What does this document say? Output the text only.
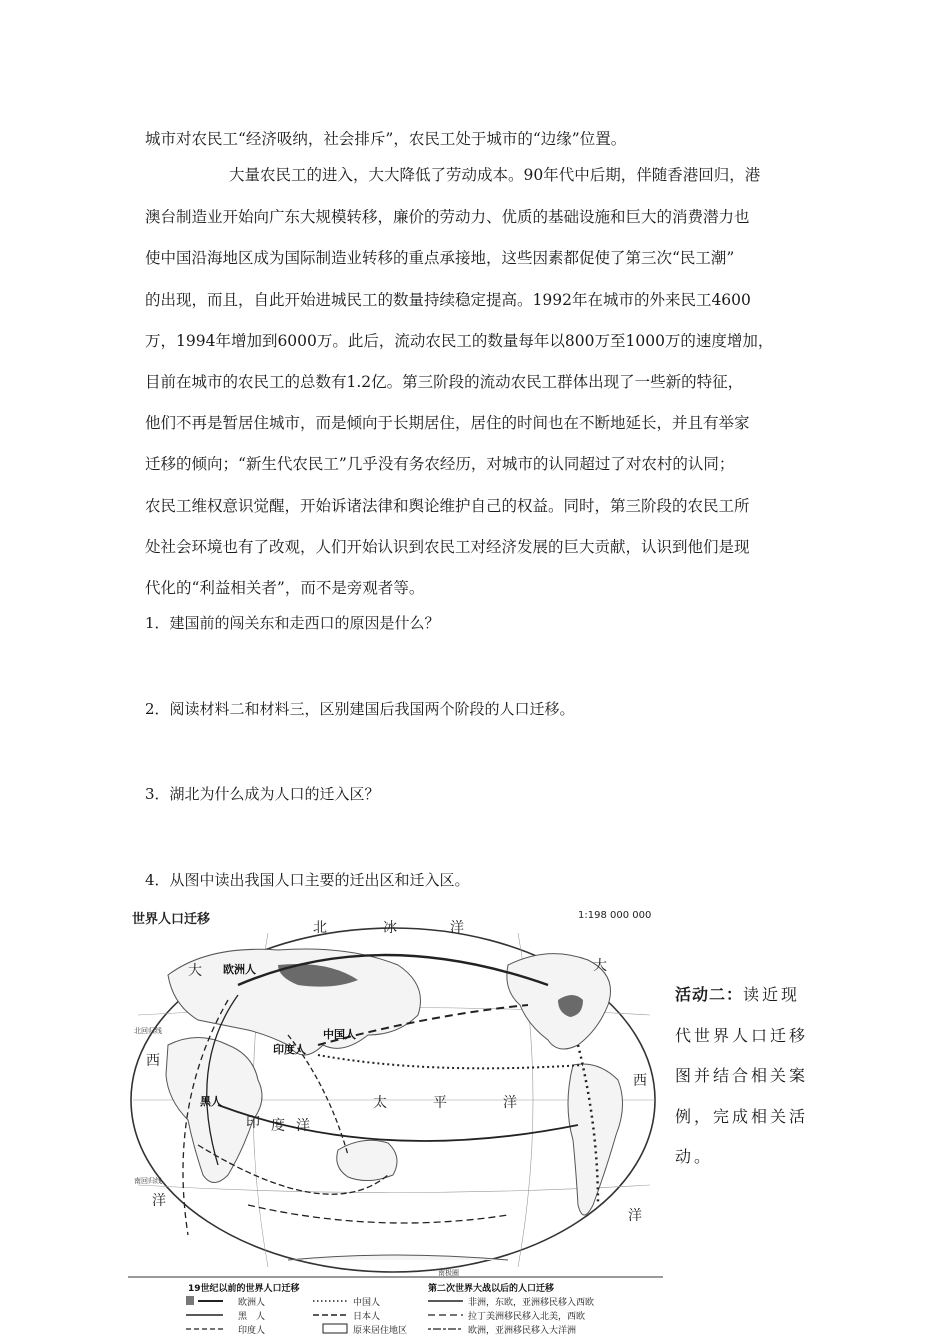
城市对农民工“经济吸纳，社会排斥”，农民工处于城市的“边缘”位置。
大量农民工的进入，大大降低了劳动成本。90年代中后期，伴随香港回归，港
澳台制造业开始向广东大规模转移，廉价的劳动力、优质的基础设施和巨大的消费潜力也
使中国沿海地区成为国际制造业转移的重点承接地，这些因素都促使了第三次“民工潮”
的出现，而且，自此开始进城民工的数量持续稳定提高。1992年在城市的外来民工4600
万，1994年增加到6000万。此后，流动农民工的数量每年以800万至1000万的速度增加，
目前在城市的农民工的总数有1.2亿。第三阶段的流动农民工群体出现了一些新的特征，
他们不再是暂居住城市，而是倾向于长期居住，居住的时间也在不断地延长，并且有举家
迁移的倾向；“新生代农民工”几乎没有务农经历，对城市的认同超过了对农村的认同；
农民工维权意识觉醒，开始诉诸法律和舆论维护自己的权益。同时，第三阶段的农民工所
处社会环境也有了改观，人们开始认识到农民工对经济发展的巨大贡献，认识到他们是现
代化的“利益相关者”，而不是旁观者等。
1．建国前的闯关东和走西口的原因是什么？
2．阅读材料二和材料三，区别建国后我国两个阶段的人口迁移。
3．湖北为什么成为人口的迁入区？
4．从图中读出我国人口主要的迁出区和迁入区。
世界人口迁移	1:198 000 000
北	冰	洋
太	平	洋
印 度 洋
大
西
洋
大
西
洋
欧洲人
中国人
印度人
黑人
北回归线
南回归线
南极圈
19世纪以前的世界人口迁移	第二次世界大战以后的人口迁移
欧洲人
黑　人
印度人
中国人
日本人
原来居住地区
非洲，东欧，亚洲移民移入西欧
拉丁美洲移民移入北美，西欧
欧洲，亚洲移民移入大洋洲
活动二：读近现代世界人口迁移图并结合相关案例，完成相关活动。
